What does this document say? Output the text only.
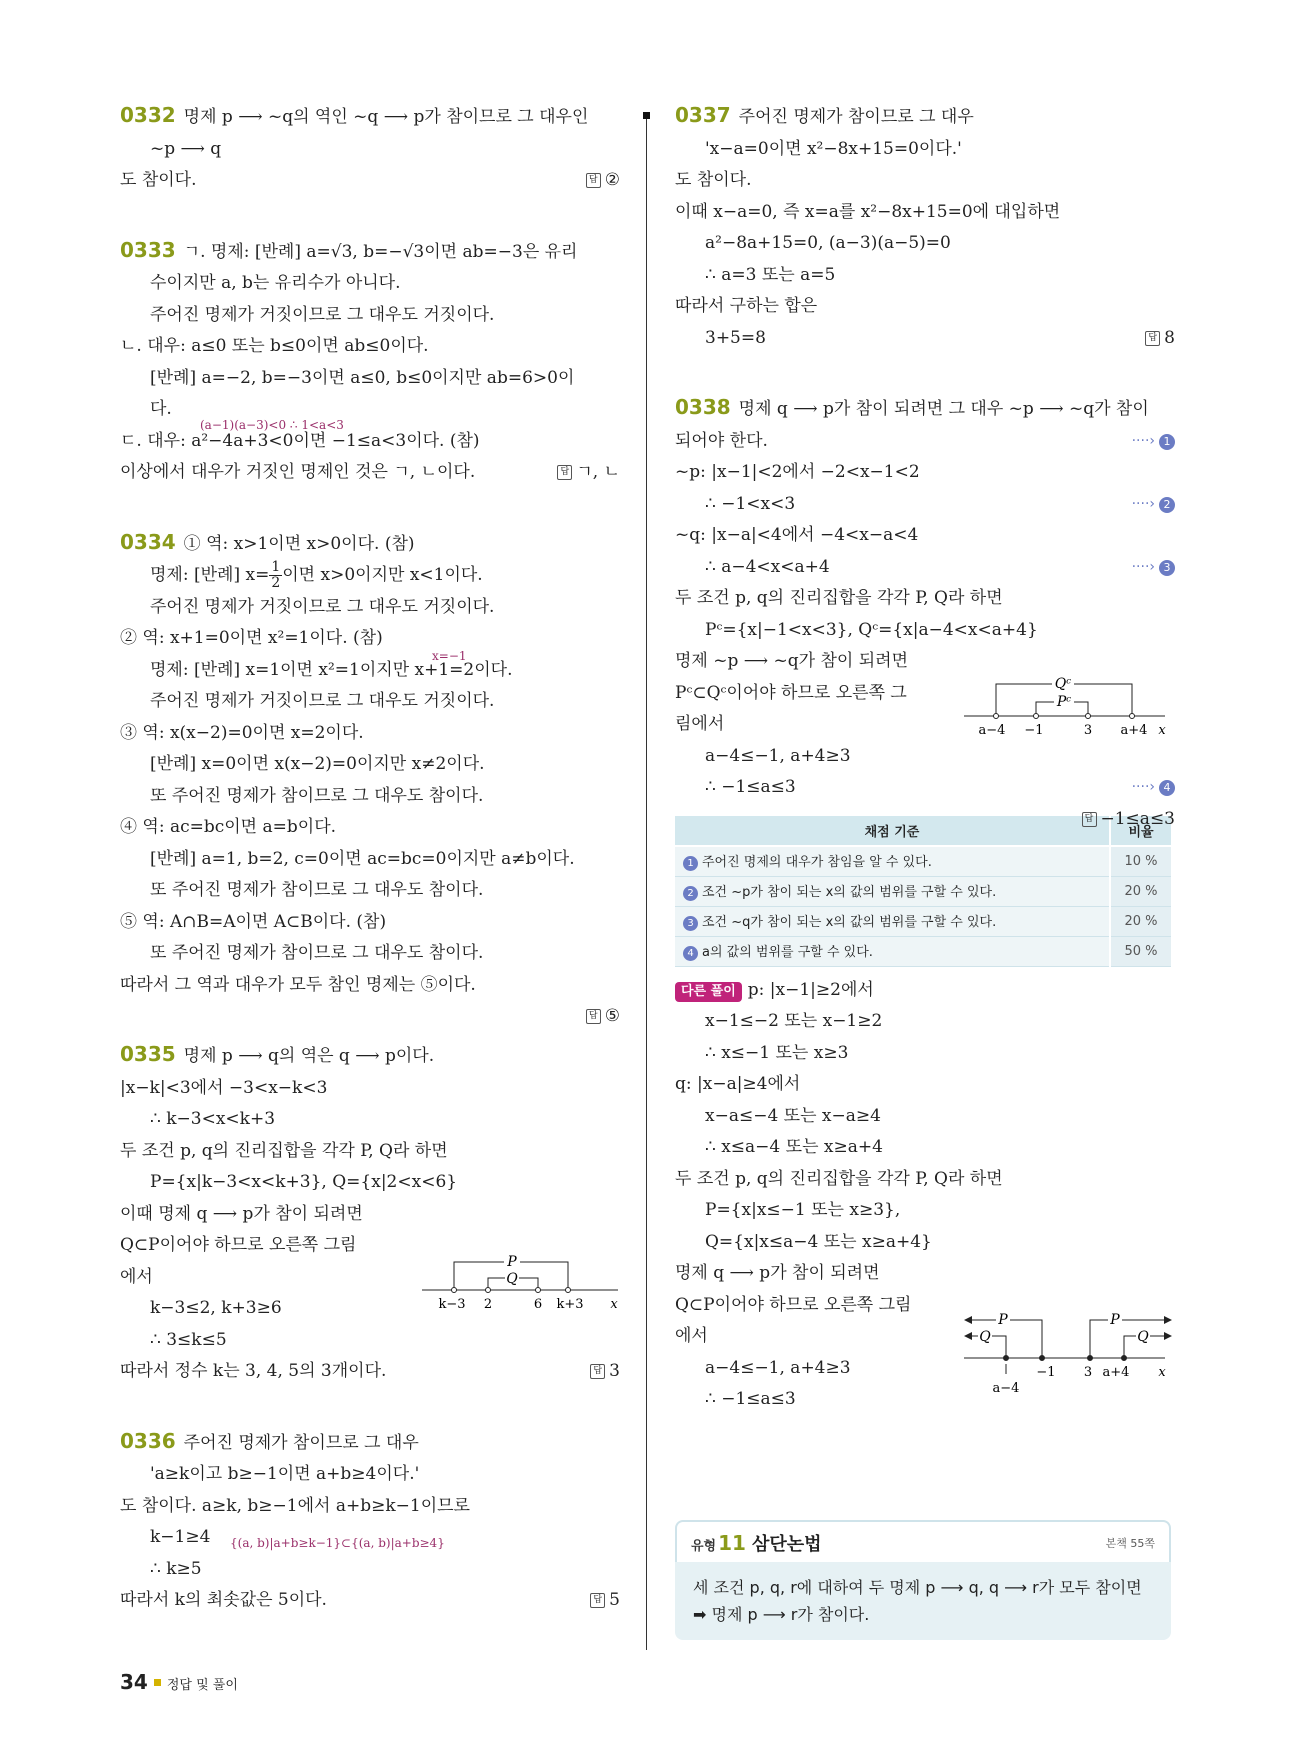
0332 명제 p ⟶ ~q의 역인 ~q ⟶ p가 참이므로 그 대우인
~p ⟶ q
도 참이다.	답 ②
0333 ㄱ. 명제: [반례] a=√3, b=−√3이면 ab=−3은 유리
수이지만 a, b는 유리수가 아니다.
주어진 명제가 거짓이므로 그 대우도 거짓이다.
ㄴ. 대우: a≤0 또는 b≤0이면 ab≤0이다.
[반례] a=−2, b=−3이면 a≤0, b≤0이지만 ab=6>0이
다.
(a−1)(a−3)<0 ∴ 1<a<3
ㄷ. 대우: a²−4a+3<0이면 −1≤a<3이다. (참)
이상에서 대우가 거짓인 명제인 것은 ㄱ, ㄴ이다.	답 ㄱ, ㄴ
0334 ① 역: x>1이면 x>0이다. (참)
명제: [반례] $x= \frac{1}{2}$ 이면 x>0이지만 x<1이다.
주어진 명제가 거짓이므로 그 대우도 거짓이다.
② 역: x+1=0이면 x²=1이다. (참)
x=−1
명제: [반례] x=1이면 x²=1이지만 x+1=2이다.
주어진 명제가 거짓이므로 그 대우도 거짓이다.
③ 역: x(x−2)=0이면 x=2이다.
[반례] x=0이면 x(x−2)=0이지만 x≠2이다.
또 주어진 명제가 참이므로 그 대우도 참이다.
④ 역: ac=bc이면 a=b이다.
[반례] a=1, b=2, c=0이면 ac=bc=0이지만 a≠b이다.
또 주어진 명제가 참이므로 그 대우도 참이다.
⑤ 역: A∩B=A이면 A⊂B이다. (참)
또 주어진 명제가 참이므로 그 대우도 참이다.
따라서 그 역과 대우가 모두 참인 명제는 ⑤이다.
답 ⑤
0335 명제 p ⟶ q의 역은 q ⟶ p이다.
|x−k|<3에서 −3<x−k<3
∴ k−3<x<k+3
두 조건 p, q의 진리집합을 각각 P, Q라 하면
P={x|k−3<x<k+3}, Q={x|2<x<6}
이때 명제 q ⟶ p가 참이 되려면
Q⊂P이어야 하므로 오른쪽 그림
에서
k−3≤2, k+3≥6
∴ 3≤k≤5
따라서 정수 k는 3, 4, 5의 3개이다.	답 3
0336 주어진 명제가 참이므로 그 대우
'a≥k이고 b≥−1이면 a+b≥4이다.'
도 참이다. a≥k, b≥−1에서 a+b≥k−1이므로
k−1≥4 {(a, b)|a+b≥k−1}⊂{(a, b)|a+b≥4}
∴ k≥5
따라서 k의 최솟값은 5이다.	답 5
0337 주어진 명제가 참이므로 그 대우
'x−a=0이면 x²−8x+15=0이다.'
도 참이다.
이때 x−a=0, 즉 x=a를 x²−8x+15=0에 대입하면
a²−8a+15=0, (a−3)(a−5)=0
∴ a=3 또는 a=5
따라서 구하는 합은
3+5=8	답 8
0338 명제 q ⟶ p가 참이 되려면 그 대우 ~p ⟶ ~q가 참이
되어야 한다.	····› 1
~p: |x−1|<2에서 −2<x−1<2
∴ −1<x<3	····› 2
~q: |x−a|<4에서 −4<x−a<4
∴ a−4<x<a+4	····› 3
두 조건 p, q의 진리집합을 각각 P, Q라 하면
Pᶜ={x|−1<x<3}, Qᶜ={x|a−4<x<a+4}
명제 ~p ⟶ ~q가 참이 되려면
Pᶜ⊂Qᶜ이어야 하므로 오른쪽 그
림에서
a−4≤−1, a+4≥3
∴ −1≤a≤3	····› 4
답 −1≤a≤3
채점 기준	비율
1 주어진 명제의 대우가 참임을 알 수 있다.	10 %
2 조건 ~p가 참이 되는 x의 값의 범위를 구할 수 있다.	20 %
3 조건 ~q가 참이 되는 x의 값의 범위를 구할 수 있다.	20 %
4 a의 값의 범위를 구할 수 있다.	50 %
다른 풀이 p: |x−1|≥2에서
x−1≤−2 또는 x−1≥2
∴ x≤−1 또는 x≥3
q: |x−a|≥4에서
x−a≤−4 또는 x−a≥4
∴ x≤a−4 또는 x≥a+4
두 조건 p, q의 진리집합을 각각 P, Q라 하면
P={x|x≤−1 또는 x≥3},
Q={x|x≤a−4 또는 x≥a+4}
명제 q ⟶ p가 참이 되려면
Q⊂P이어야 하므로 오른쪽 그림
에서
a−4≤−1, a+4≥3
∴ −1≤a≤3
P
Q
k−3 2	6 k+3 x
Qᶜ
Pᶜ
a−4 −1	3 a+4 x
P
Q
P
Q
−1 3 a+4
a−4
x
유형 11 삼단논법	본책 55쪽
세 조건 p, q, r에 대하여 두 명제 p ⟶ q, q ⟶ r가 모두 참이면
➡ 명제 p ⟶ r가 참이다.
34 정답 및 풀이
